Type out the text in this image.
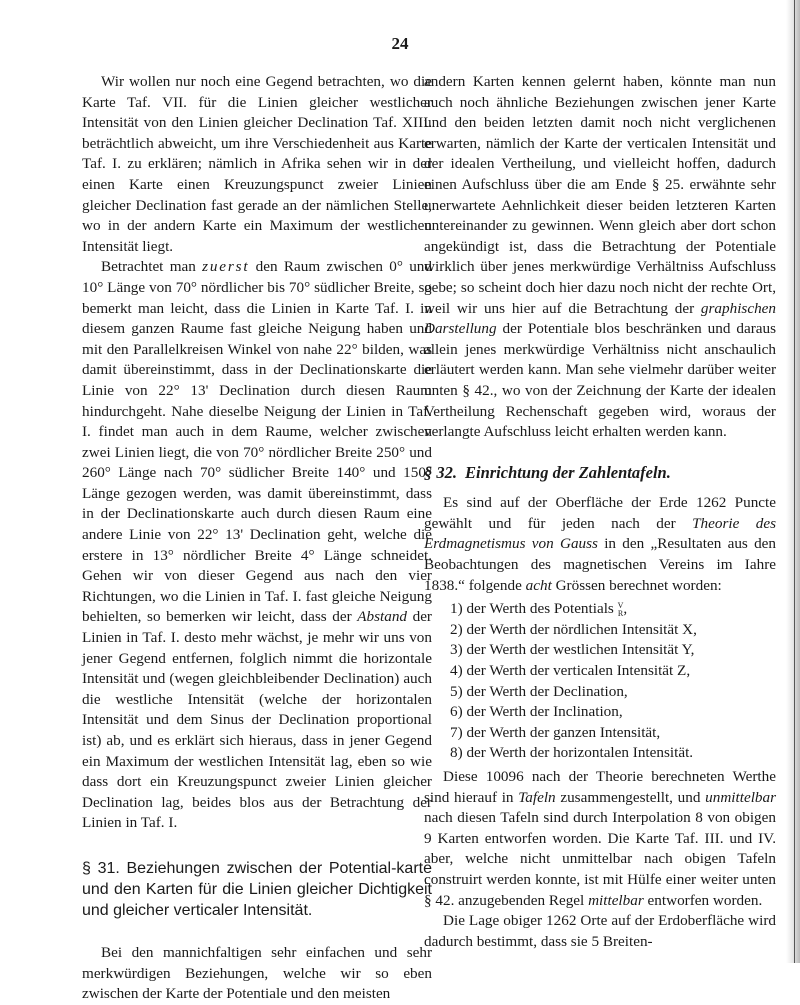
24

Wir wollen nur noch eine Gegend betrachten, wo die Karte Taf. VII. für die Linien gleicher westlicher Intensität von den Linien gleicher Declination Taf. XIII. beträchtlich abweicht, um ihre Verschiedenheit aus Karte Taf. I. zu erklären; nämlich in Afrika sehen wir in der einen Karte einen Kreuzungspunct zweier Linien gleicher Declination fast gerade an der nämlichen Stelle, wo in der andern Karte ein Maximum der westlichen Intensität liegt.

Betrachtet man zuerst den Raum zwischen 0° und 10° Länge von 70° nördlicher bis 70° südlicher Breite, so bemerkt man leicht, dass die Linien in Karte Taf. I. in diesem ganzen Raume fast gleiche Neigung haben und mit den Parallelkreisen Winkel von nahe 22° bilden, was damit übereinstimmt, dass in der Declinationskarte die Linie von 22° 13' Declination durch diesen Raum hindurchgeht. Nahe dieselbe Neigung der Linien in Taf. I. findet man auch in dem Raume, welcher zwischen zwei Linien liegt, die von 70° nördlicher Breite 250° und 260° Länge nach 70° südlicher Breite 140° und 150° Länge gezogen werden, was damit übereinstimmt, dass in der Declinationskarte auch durch diesen Raum eine andere Linie von 22° 13' Declination geht, welche die erstere in 13° nördlicher Breite 4° Länge schneidet. Gehen wir von dieser Gegend aus nach den vier Richtungen, wo die Linien in Taf. I. fast gleiche Neigung behielten, so bemerken wir leicht, dass der Abstand der Linien in Taf. I. desto mehr wächst, je mehr wir uns von jener Gegend entfernen, folglich nimmt die horizontale Intensität und (wegen gleichbleibender Declination) auch die westliche Intensität (welche der horizontalen Intensität und dem Sinus der Declination proportional ist) ab, und es erklärt sich hieraus, dass in jener Gegend ein Maximum der westlichen Intensität lag, eben so wie dass dort ein Kreuzungspunct zweier Linien gleicher Declination lag, beides blos aus der Betrachtung der Linien in Taf. I.

§ 31. Beziehungen zwischen der Potential-karte und den Karten für die Linien gleicher Dichtigkeit und gleicher verticaler Intensität.

Bei den mannichfaltigen sehr einfachen und sehr merkwürdigen Beziehungen, welche wir so eben zwischen der Karte der Potentiale und den meisten

andern Karten kennen gelernt haben, könnte man nun auch noch ähnliche Beziehungen zwischen jener Karte und den beiden letzten damit noch nicht verglichenen erwarten, nämlich der Karte der verticalen Intensität und der idealen Vertheilung, und vielleicht hoffen, dadurch einen Aufschluss über die am Ende § 25. erwähnte sehr unerwartete Aehnlichkeit dieser beiden letzteren Karten untereinander zu gewinnen. Wenn gleich aber dort schon angekündigt ist, dass die Betrachtung der Potentiale wirklich über jenes merkwürdige Verhältniss Aufschluss gebe; so scheint doch hier dazu noch nicht der rechte Ort, weil wir uns hier auf die Betrachtung der graphischen Darstellung der Potentiale blos beschränken und daraus allein jenes merkwürdige Verhältniss nicht anschaulich erläutert werden kann. Man sehe vielmehr darüber weiter unten § 42., wo von der Zeichnung der Karte der idealen Vertheilung Rechenschaft gegeben wird, woraus der verlangte Aufschluss leicht erhalten werden kann.

§ 32. Einrichtung der Zahlentafeln.

Es sind auf der Oberfläche der Erde 1262 Puncte gewählt und für jeden nach der Theorie des Erdmagnetismus von Gauss in den „Resultaten aus den Beobachtungen des magnetischen Vereins im Iahre 1838.“ folgende acht Grössen berechnet worden:

1) der Werth des Potentials V
R ,
2) der Werth der nördlichen Intensität X,
3) der Werth der westlichen Intensität Y,
4) der Werth der verticalen Intensität Z,
5) der Werth der Declination,
6) der Werth der Inclination,
7) der Werth der ganzen Intensität,
8) der Werth der horizontalen Intensität.

Diese 10096 nach der Theorie berechneten Werthe sind hierauf in Tafeln zusammengestellt, und unmittelbar nach diesen Tafeln sind durch Interpolation 8 von obigen 9 Karten entworfen worden. Die Karte Taf. III. und IV. aber, welche nicht unmittelbar nach obigen Tafeln construirt werden konnte, ist mit Hülfe einer weiter unten § 42. anzugebenden Regel mittelbar entworfen worden.

Die Lage obiger 1262 Orte auf der Erdoberfläche wird dadurch bestimmt, dass sie 5 Breiten-
